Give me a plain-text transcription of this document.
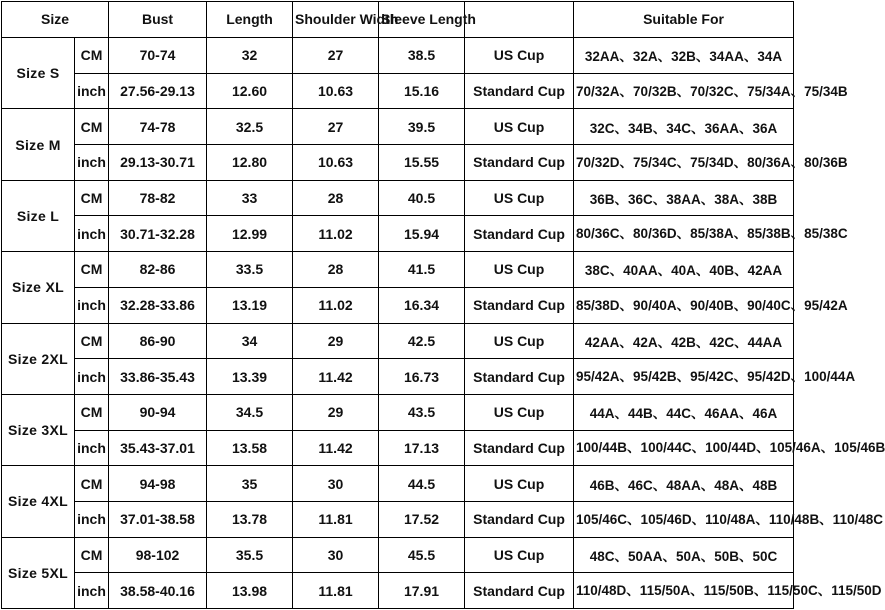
Size		Bust	Length	Shoulder Width	Sleeve Length		Suitable For
Size S	CM	70-74	32	27	38.5	US Cup	32AA、32A、32B、34AA、34A
	inch	27.56-29.13	12.60	10.63	15.16	Standard Cup	70/32A、70/32B、70/32C、75/34A、75/34B
Size M	CM	74-78	32.5	27	39.5	US Cup	32C、34B、34C、36AA、36A
	inch	29.13-30.71	12.80	10.63	15.55	Standard Cup	70/32D、75/34C、75/34D、80/36A、80/36B
Size L	CM	78-82	33	28	40.5	US Cup	36B、36C、38AA、38A、38B
	inch	30.71-32.28	12.99	11.02	15.94	Standard Cup	80/36C、80/36D、85/38A、85/38B、85/38C
Size XL	CM	82-86	33.5	28	41.5	US Cup	38C、40AA、40A、40B、42AA
	inch	32.28-33.86	13.19	11.02	16.34	Standard Cup	85/38D、90/40A、90/40B、90/40C、95/42A
Size 2XL	CM	86-90	34	29	42.5	US Cup	42AA、42A、42B、42C、44AA
	inch	33.86-35.43	13.39	11.42	16.73	Standard Cup	95/42A、95/42B、95/42C、95/42D、100/44A
Size 3XL	CM	90-94	34.5	29	43.5	US Cup	44A、44B、44C、46AA、46A
	inch	35.43-37.01	13.58	11.42	17.13	Standard Cup	100/44B、100/44C、100/44D、105/46A、105/46B
Size 4XL	CM	94-98	35	30	44.5	US Cup	46B、46C、48AA、48A、48B
	inch	37.01-38.58	13.78	11.81	17.52	Standard Cup	105/46C、105/46D、110/48A、110/48B、110/48C
Size 5XL	CM	98-102	35.5	30	45.5	US Cup	48C、50AA、50A、50B、50C
	inch	38.58-40.16	13.98	11.81	17.91	Standard Cup	110/48D、115/50A、115/50B、115/50C、115/50D
